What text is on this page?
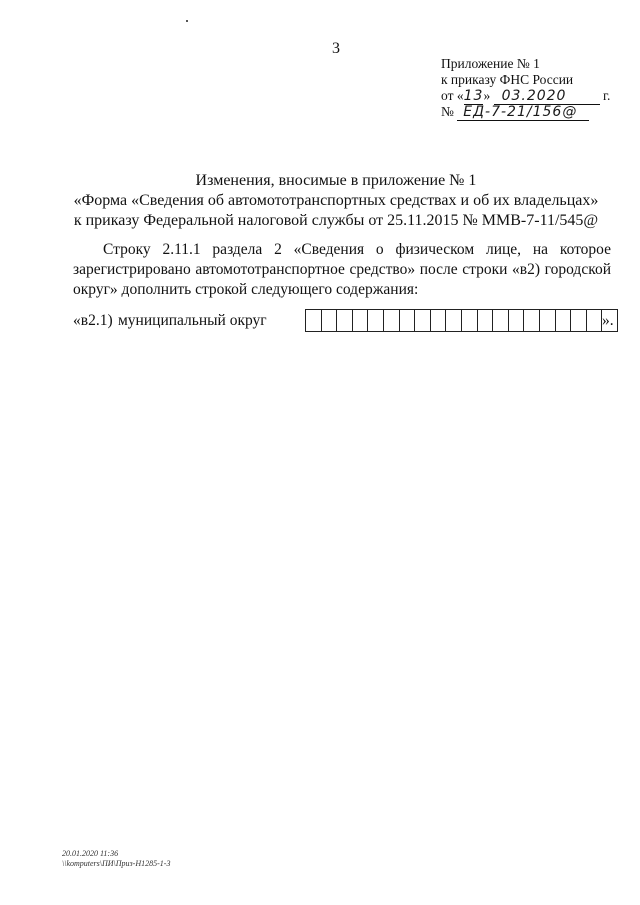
3
Приложение № 1
к приказу ФНС России
от «13» 03.2020	г.
№ ЕД-7-21/156@
Изменения, вносимые в приложение № 1
«Форма «Сведения об автомототранспортных средствах и об их владельцах»
к приказу Федеральной налоговой службы от 25.11.2015 № ММВ-7-11/545@
Строку 2.11.1 раздела 2 «Сведения о физическом лице, на которое зарегистрировано автомототранспортное средство» после строки «в2) городской округ» дополнить строкой следующего содержания:
«в2.1) муниципальный округ	».
20.01.2020 11:36
\\komputers\ПИ\Приз-Н1285-1-3
